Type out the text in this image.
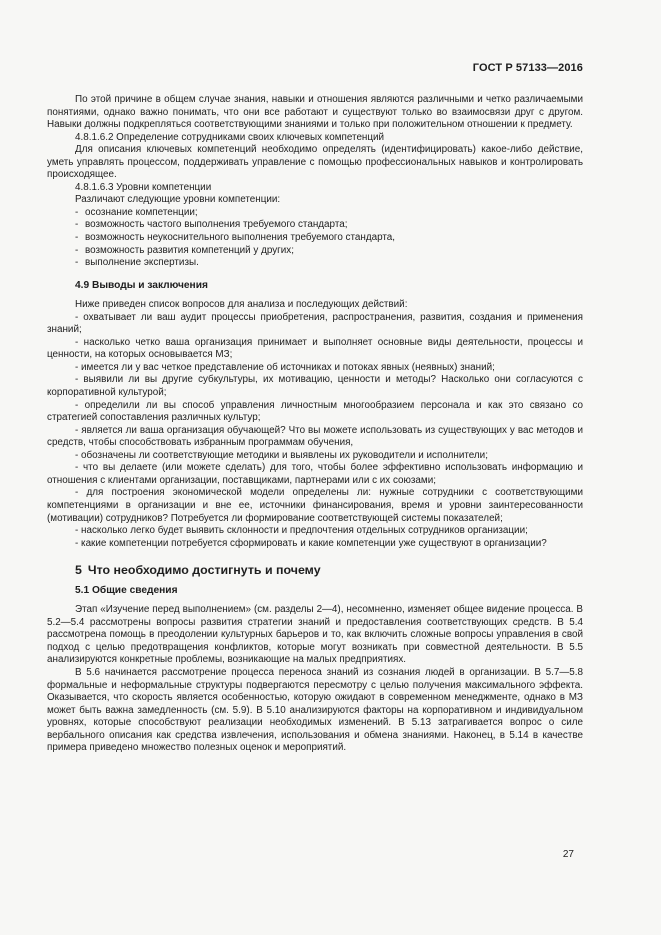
ГОСТ Р 57133—2016

По этой причине в общем случае знания, навыки и отношения являются различными и четко различаемыми понятиями, однако важно понимать, что они все работают и существуют только во взаимосвязи друг с другом. Навыки должны подкрепляться соответствующими знаниями и только при положительном отношении к предмету.

4.8.1.6.2 Определение сотрудниками своих ключевых компетенций

Для описания ключевых компетенций необходимо определять (идентифицировать) какое-либо действие, уметь управлять процессом, поддерживать управление с помощью профессиональных навыков и контролировать происходящее.

4.8.1.6.3 Уровни компетенции

Различают следующие уровни компетенции:

- осознание компетенции;

- возможность частого выполнения требуемого стандарта;

- возможность неукоснительного выполнения требуемого стандарта,

- возможность развития компетенций у других;

- выполнение экспертизы.

4.9 Выводы и заключения

Ниже приведен список вопросов для анализа и последующих действий:

- охватывает ли ваш аудит процессы приобретения, распространения, развития, создания и применения знаний;

- насколько четко ваша организация принимает и выполняет основные виды деятельности, процессы и ценности, на которых основывается МЗ;

- имеется ли у вас четкое представление об источниках и потоках явных (неявных) знаний;

- выявили ли вы другие субкультуры, их мотивацию, ценности и методы? Насколько они согласуются с корпоративной культурой;

- определили ли вы способ управления личностным многообразием персонала и как это связано со стратегией сопоставления различных культур;

- является ли ваша организация обучающей? Что вы можете использовать из существующих у вас методов и средств, чтобы способствовать избранным программам обучения,

- обозначены ли соответствующие методики и выявлены их руководители и исполнители;

- что вы делаете (или можете сделать) для того, чтобы более эффективно использовать информацию и отношения с клиентами организации, поставщиками, партнерами или с их союзами;

- для построения экономической модели определены ли: нужные сотрудники с соответствующими компетенциями в организации и вне ее, источники финансирования, время и уровни заинтересованности (мотивации) сотрудников? Потребуется ли формирование соответствующей системы показателей;

- насколько легко будет выявить склонности и предпочтения отдельных сотрудников организации;

- какие компетенции потребуется сформировать и какие компетенции уже существуют в организации?

5 Что необходимо достигнуть и почему
5.1 Общие сведения

Этап «Изучение перед выполнением» (см. разделы 2—4), несомненно, изменяет общее видение процесса. В 5.2—5.4 рассмотрены вопросы развития стратегии знаний и предоставления соответствующих средств. В 5.4 рассмотрена помощь в преодолении культурных барьеров и то, как включить сложные вопросы управления в свой подход с целью предотвращения конфликтов, которые могут возникать при совместной деятельности. В 5.5 анализируются конкретные проблемы, возникающие на малых предприятиях.

В 5.6 начинается рассмотрение процесса переноса знаний из сознания людей в организации. В 5.7—5.8 формальные и неформальные структуры подвергаются пересмотру с целью получения максимального эффекта. Оказывается, что скорость является особенностью, которую ожидают в современном менеджменте, однако в МЗ может быть важна замедленность (см. 5.9). В 5.10 анализируются факторы на корпоративном и индивидуальном уровнях, которые способствуют реализации необходимых изменений. В 5.13 затрагивается вопрос о силе вербального описания как средства извлечения, использования и обмена знаниями. Наконец, в 5.14 в качестве примера приведено множество полезных оценок и мероприятий.

27
